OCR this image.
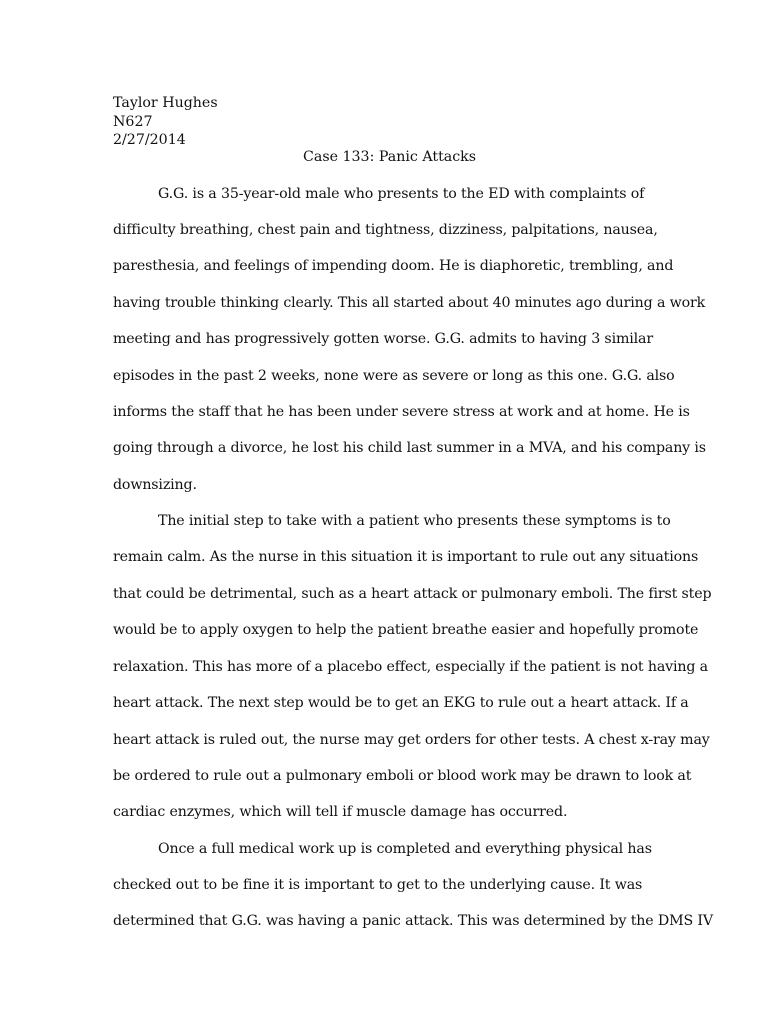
Taylor Hughes
N627
2/27/2014
Case 133: Panic Attacks
G.G. is a 35-year-old male who presents to the ED with complaints of
difficulty breathing, chest pain and tightness, dizziness, palpitations, nausea,
paresthesia, and feelings of impending doom. He is diaphoretic, trembling, and
having trouble thinking clearly. This all started about 40 minutes ago during a work
meeting and has progressively gotten worse. G.G. admits to having 3 similar
episodes in the past 2 weeks, none were as severe or long as this one. G.G. also
informs the staff that he has been under severe stress at work and at home. He is
going through a divorce, he lost his child last summer in a MVA, and his company is
downsizing.
The initial step to take with a patient who presents these symptoms is to
remain calm. As the nurse in this situation it is important to rule out any situations
that could be detrimental, such as a heart attack or pulmonary emboli. The first step
would be to apply oxygen to help the patient breathe easier and hopefully promote
relaxation. This has more of a placebo effect, especially if the patient is not having a
heart attack. The next step would be to get an EKG to rule out a heart attack. If a
heart attack is ruled out, the nurse may get orders for other tests. A chest x-ray may
be ordered to rule out a pulmonary emboli or blood work may be drawn to look at
cardiac enzymes, which will tell if muscle damage has occurred.
Once a full medical work up is completed and everything physical has
checked out to be fine it is important to get to the underlying cause. It was
determined that G.G. was having a panic attack. This was determined by the DMS IV
